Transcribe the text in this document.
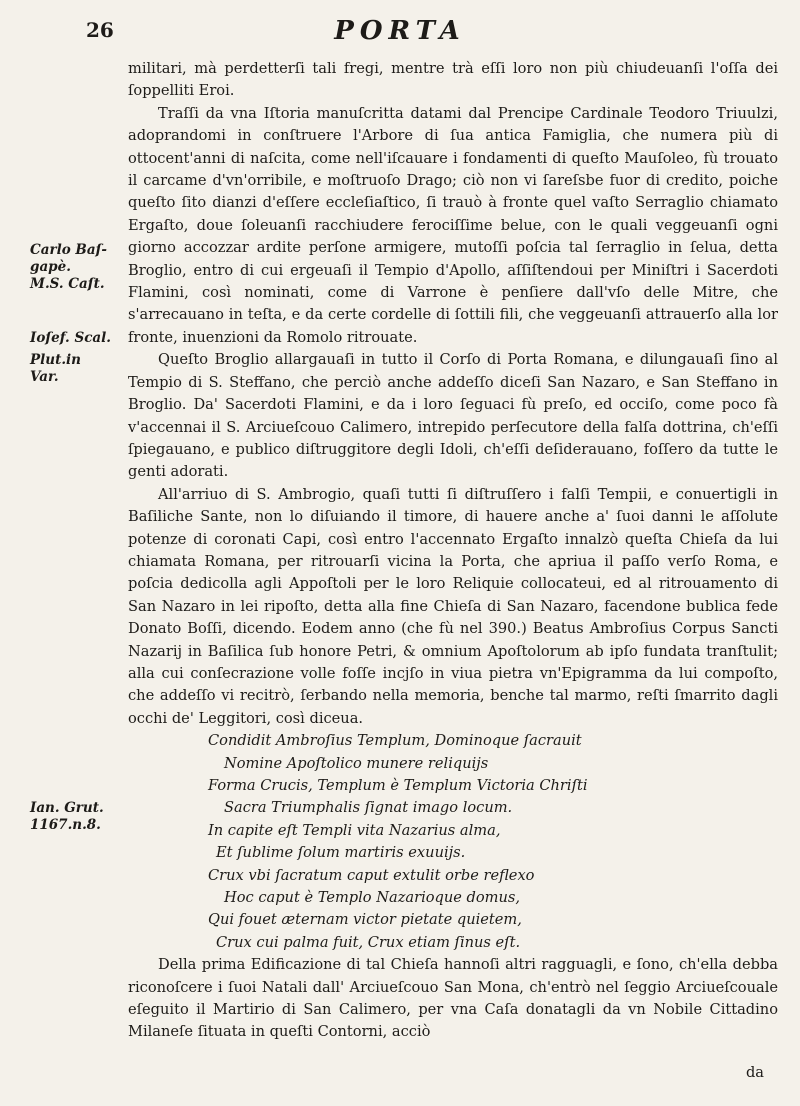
26	PORTA
Carlo Baſ-
gapè.
M.S. Caſt.
Ioſef. Scal.
Plut.in Var.
Ian. Grut.
1167.n.8.

militari, mà perdetterſi tali fregi, mentre trà eſſi loro non più chiudeuanſi l'oſſa dei ſoppelliti Eroi.

Traſſi da vna Iſtoria manuſcritta datami dal Prencipe Cardinale Teodoro Triuulzi, adoprandomi in conſtruere l'Arbore di ſua antica Famiglia, che numera più di ottocent'anni di naſcita, come nell'iſcauare i fondamenti di queſto Mauſoleo, fù trouato il carcame d'vn'orribile, e moſtruoſo Drago; ciò non vi ſareſsbe fuor di credito, poiche queſto ſito dianzi d'eſſere eccleſiaſtico, ſi trauò à fronte quel vaſto Serraglio chiamato Ergaſto, doue ſoleuanſi racchiudere ferociſſime belue, con le quali veggeuanſi ogni giorno accozzar ardite perſone armigere, mutoſſi poſcia tal ſerraglio in ſelua, detta Broglio, entro di cui ergeuaſi il Tempio d'Apollo, aſſiſtendoui per Miniſtri i Sacerdoti Flamini, così nominati, come di Varrone è penſiere dall'vſo delle Mitre, che s'arrecauano in teſta, e da certe cordelle di ſottili fili, che veggeuanſi attrauerſo alla lor fronte, inuenzioni da Romolo ritrouate.

Queſto Broglio allargauaſi in tutto il Corſo di Porta Romana, e dilungauaſi ſino al Tempio di S. Steffano, che perciò anche addeſſo diceſi San Nazaro, e San Steffano in Broglio. Da' Sacerdoti Flamini, e da i loro ſeguaci fù preſo, ed occiſo, come poco fà v'accennai il S. Arciueſcouo Calimero, intrepido perſecutore della falſa dottrina, ch'eſſi ſpiegauano, e publico diſtruggitore degli Idoli, ch'eſſi deſiderauano, foſſero da tutte le genti adorati.

All'arriuo di S. Ambrogio, quaſi tutti ſi diſtruſſero i falſi Tempii, e conuertigli in Baſiliche Sante, non lo diſuiando il timore, di hauere anche a' ſuoi danni le aſſolute potenze di coronati Capi, così entro l'accennato Ergaſto innalzò queſta Chieſa da lui chiamata Romana, per ritrouarſi vicina la Porta, che apriua il paſſo verſo Roma, e poſcia dedicolla agli Appoſtoli per le loro Reliquie collocateui, ed al ritrouamento di San Nazaro in lei ripoſto, detta alla fine Chieſa di San Nazaro, facendone bublica fede Donato Boſſi, dicendo. Eodem anno (che fù nel 390.) Beatus Ambroſius Corpus Sancti Nazarij in Baſilica ſub honore Petri, & omnium Apoſtolorum ab ipſo fundata tranſtulit; alla cui conſecrazione volle foſſe incjſo in viua pietra vn'Epigramma da lui compoſto, che addeſſo vi recitrò, ſerbando nella memoria, benche tal marmo, reſti ſmarrito dagli occhi de' Leggitori, così diceua.

Condidit Ambroſius Templum, Dominoque ſacrauit
Nomine Apoſtolico munere reliquijs
Forma Crucis, Templum è Templum Victoria Chriſti
Sacra Triumphalis ſignat imago locum.
In capite eſt Templi vita Nazarius alma,
Et ſublime ſolum martiris exuuijs.
Crux vbi ſacratum caput extulit orbe reflexo
Hoc caput è Templo Nazarioque domus,
Qui fouet æternam victor pietate quietem,
Crux cui palma fuit, Crux etiam ſinus eſt.

Della prima Edificazione di tal Chieſa hannoſi altri ragguagli, e ſono, ch'ella debba riconoſcere i ſuoi Natali dall' Arciueſcouo San Mona, ch'entrò nel ſeggio Arciueſcouale eſeguito il Martirio di San Calimero, per vna Caſa donatagli da vn Nobile Cittadino Milaneſe ſituata in queſti Contorni, acciò

da
